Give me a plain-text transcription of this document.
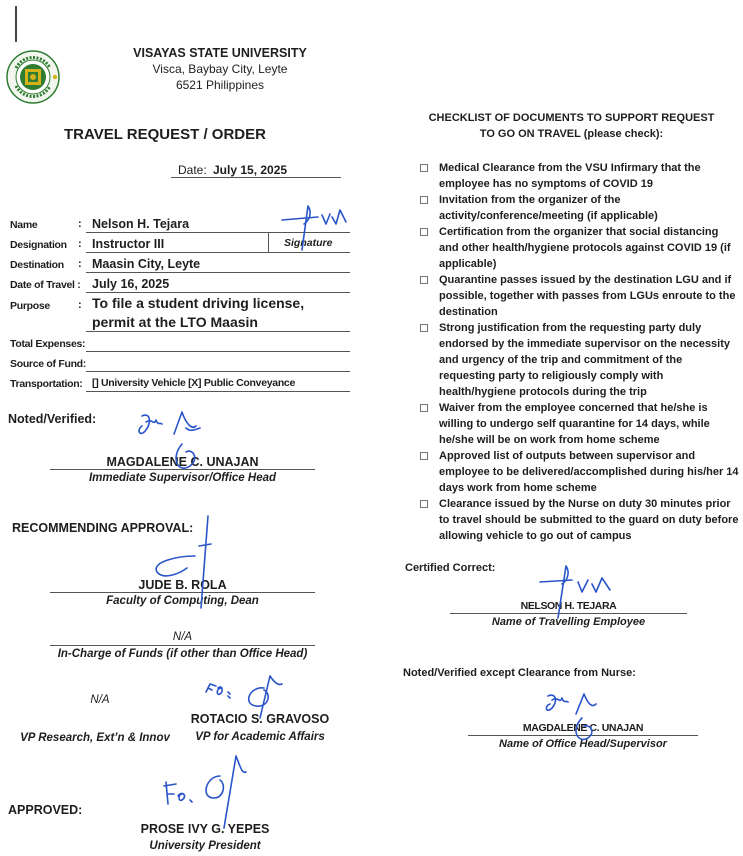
VISAYAS STATE UNIVERSITY
Visca, Baybay City, Leyte
6521 Philippines
TRAVEL REQUEST / ORDER
Date: July 15, 2025
Name	: Nelson H. Tejara
Designation : Instructor III	Signature
Destination : Maasin City, Leyte
Date of Travel : July 16, 2025
Purpose	: To file a student driving license,
permit at the LTO Maasin
Total Expenses:
Source of Fund:
Transportation: [] University Vehicle [X] Public Conveyance
Noted/Verified:
MAGDALENE C. UNAJAN
Immediate Supervisor/Office Head
RECOMMENDING APPROVAL:
JUDE B. ROLA
Faculty of Computing, Dean
N/A
In-Charge of Funds (if other than Office Head)
N/A
VP Research, Ext’n & Innov
ROTACIO S. GRAVOSO
VP for Academic Affairs
APPROVED:
PROSE IVY G. YEPES
University President
CHECKLIST OF DOCUMENTS TO SUPPORT REQUEST
TO GO ON TRAVEL (please check):
Medical Clearance from the VSU Infirmary that the employee has no symptoms of COVID 19
Invitation from the organizer of the activity/conference/meeting (if applicable)
Certification from the organizer that social distancing and other health/hygiene protocols against COVID 19 (if applicable)
Quarantine passes issued by the destination LGU and if possible, together with passes from LGUs enroute to the destination
Strong justification from the requesting party duly endorsed by the immediate supervisor on the necessity and urgency of the trip and commitment of the requesting party to religiously comply with health/hygiene protocols during the trip
Waiver from the employee concerned that he/she is willing to undergo self quarantine for 14 days, while he/she will be on work from home scheme
Approved list of outputs between supervisor and employee to be delivered/accomplished during his/her 14 days work from home scheme
Clearance issued by the Nurse on duty 30 minutes prior to travel should be submitted to the guard on duty before allowing vehicle to go out of campus
Certified Correct:
NELSON H. TEJARA
Name of Travelling Employee
Noted/Verified except Clearance from Nurse:
MAGDALENE C. UNAJAN
Name of Office Head/Supervisor
